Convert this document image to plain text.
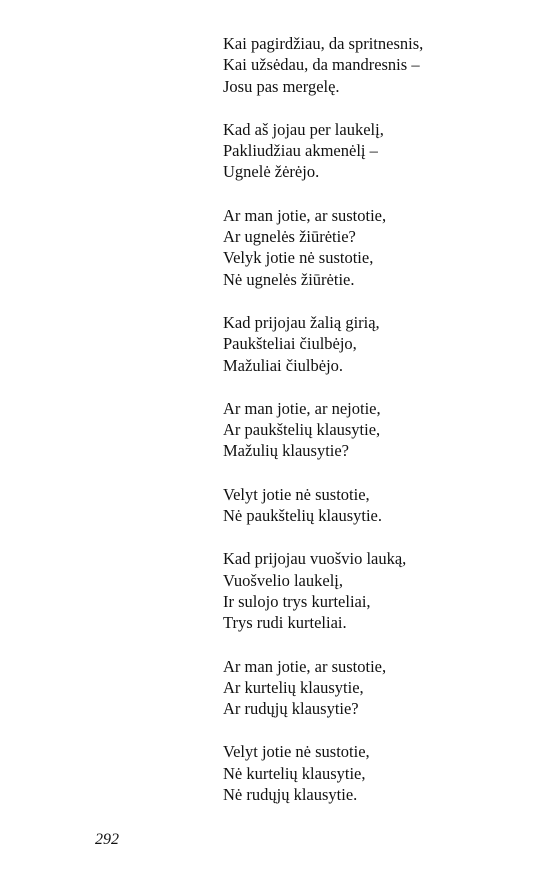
Kai pagirdžiau, da spritnesnis,
Kai užsėdau, da mandresnis –
Josu pas mergelę.
Kad aš jojau per laukelį,
Pakliudžiau akmenėlį –
Ugnelė žėrėjo.
Ar man jotie, ar sustotie,
Ar ugnelės žiūrėtie?
Velyk jotie nė sustotie,
Nė ugnelės žiūrėtie.
Kad prijojau žalią girią,
Paukšteliai čiulbėjo,
Mažuliai čiulbėjo.
Ar man jotie, ar nejotie,
Ar paukštelių klausytie,
Mažulių klausytie?
Velyt jotie nė sustotie,
Nė paukštelių klausytie.
Kad prijojau vuošvio lauką,
Vuošvelio laukelį,
Ir sulojo trys kurteliai,
Trys rudi kurteliai.
Ar man jotie, ar sustotie,
Ar kurtelių klausytie,
Ar rudųjų klausytie?
Velyt jotie nė sustotie,
Nė kurtelių klausytie,
Nė rudųjų klausytie.
292
